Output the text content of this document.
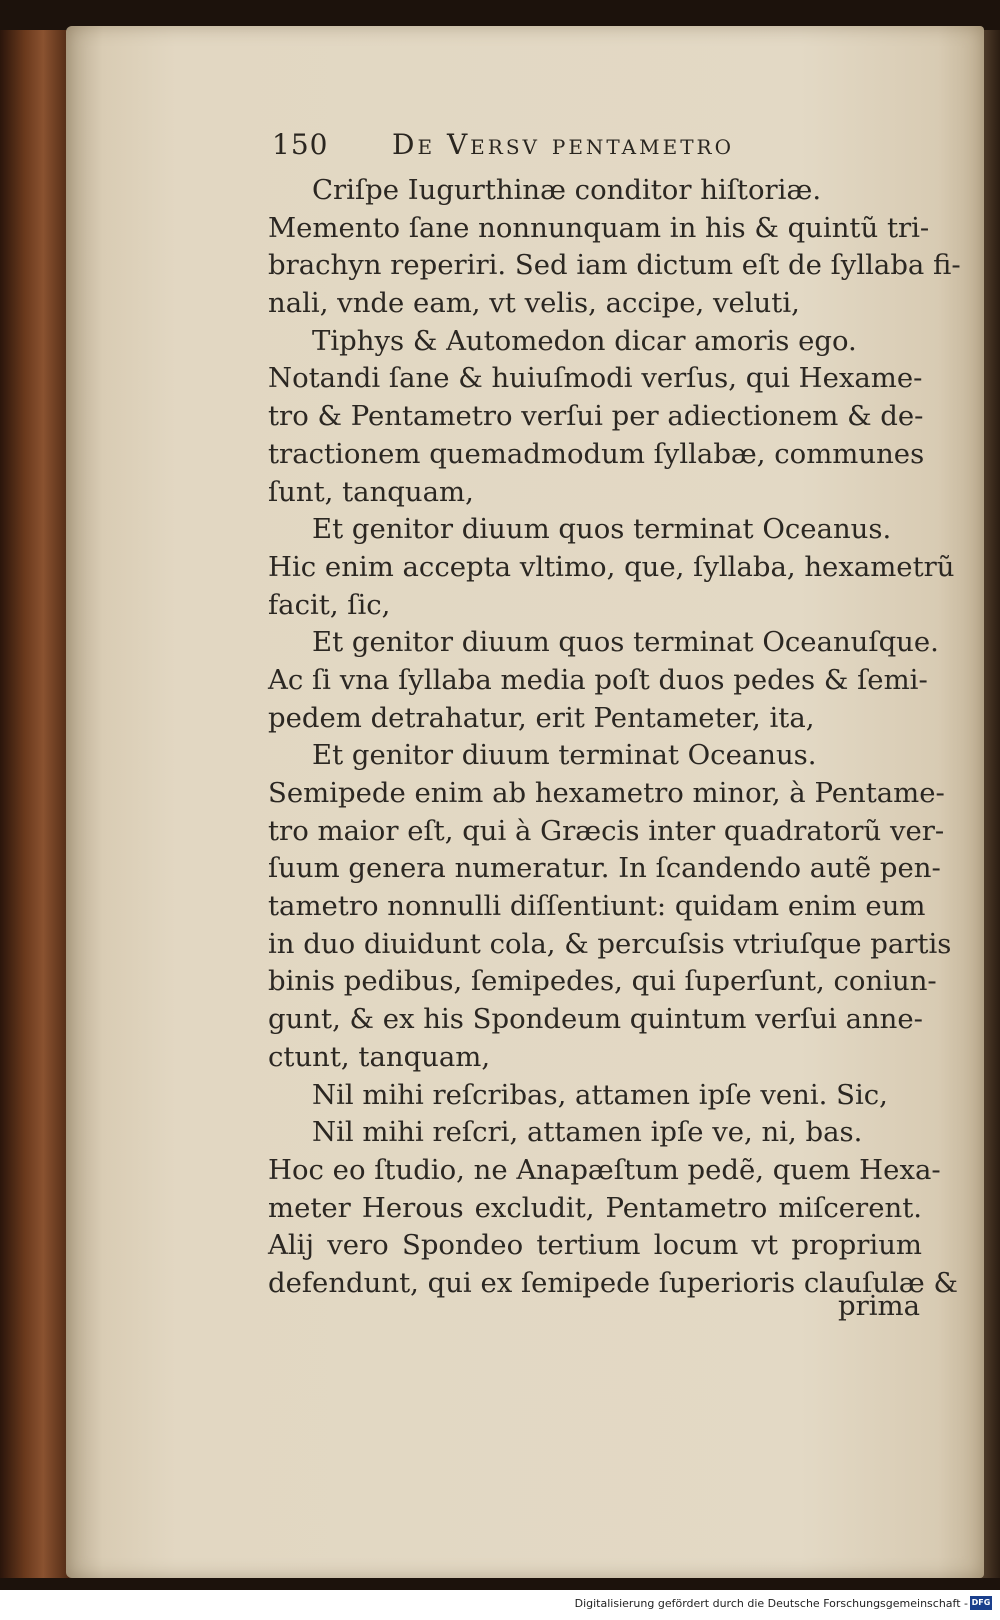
150 De Versv pentametro
Criſpe Iugurthinæ conditor hiſtoriæ.
Memento ſane nonnunquam in his & quintũ tri-
brachyn reperiri. Sed iam dictum eſt de ſyllaba fi-
nali, vnde eam, vt velis, accipe, veluti,
Tiphys & Automedon dicar amoris ego.
Notandi ſane & huiuſmodi verſus, qui Hexame-
tro & Pentametro verſui per adiectionem & de-
tractionem quemadmodum ſyllabæ, communes
ſunt, tanquam,
Et genitor diuum quos terminat Oceanus.
Hic enim accepta vltimo, que, ſyllaba, hexametrũ
facit, ſic,
Et genitor diuum quos terminat Oceanuſque.
Ac ſi vna ſyllaba media poſt duos pedes & ſemi-
pedem detrahatur, erit Pentameter, ita,
Et genitor diuum terminat Oceanus.
Semipede enim ab hexametro minor, à Pentame-
tro maior eſt, qui à Græcis inter quadratorũ ver-
ſuum genera numeratur. In ſcandendo autẽ pen-
tametro nonnulli diſſentiunt: quidam enim eum
in duo diuidunt cola, & percuſsis vtriuſque partis
binis pedibus, ſemipedes, qui ſuperſunt, coniun-
gunt, & ex his Spondeum quintum verſui anne-
ctunt, tanquam,
Nil mihi reſcribas, attamen ipſe veni. Sic,
Nil mihi reſcri, attamen ipſe ve, ni, bas.
Hoc eo ſtudio, ne Anapæſtum pedẽ, quem Hexa-
meter Herous excludit, Pentametro miſcerent.
Alij vero Spondeo tertium locum vt proprium
defendunt, qui ex ſemipede ſuperioris clauſulæ &
prima
Digitalisierung gefördert durch die Deutsche Forschungsgemeinschaft - DFG
